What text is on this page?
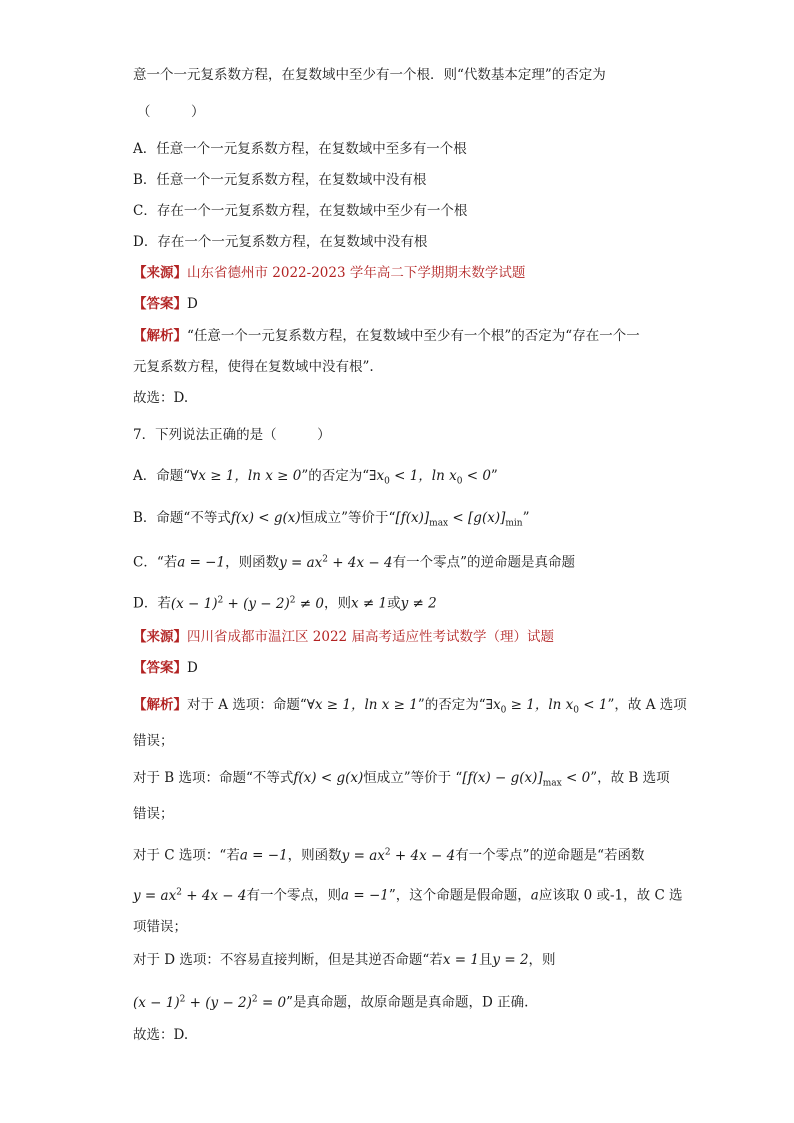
意一个一元复系数方程，在复数域中至少有一个根．则“代数基本定理”的否定为
（　　　）
A．任意一个一元复系数方程，在复数域中至多有一个根
B．任意一个一元复系数方程，在复数域中没有根
C．存在一个一元复系数方程，在复数域中至少有一个根
D．存在一个一元复系数方程，在复数域中没有根
【来源】山东省德州市 2022-2023 学年高二下学期期末数学试题
【答案】D
【解析】“任意一个一元复系数方程，在复数域中至少有一个根”的否定为“存在一个一
元复系数方程，使得在复数域中没有根”.
故选：D.
7．下列说法正确的是（　　　）
A．命题“∀x ≥ 1，ln x ≥ 0”的否定为“$\exists x_0 < 1$，$\ln x_0 < 0$”
B．命题“不等式f(x) < g(x)恒成立”等价于“$[f(x)]_{max} < [g(x)]_{min}$”
C．“若a = −1，则函数$y = ax^2 + 4x - 4$有一个零点”的逆命题是真命题
D．若$(x - 1)^2 + (y - 2)^2 \ne 0$，则x ≠ 1或y ≠ 2
【来源】四川省成都市温江区 2022 届高考适应性考试数学（理）试题
【答案】D
【解析】对于 A 选项：命题“∀x ≥ 1，ln x ≥ 1”的否定为“$\exists x_0 \ge 1$，$\ln x_0 < 1$”，故 A 选项
错误；
对于 B 选项：命题“不等式f(x) < g(x)恒成立”等价于 “$[f(x) - g(x)]_{max} < 0$”，故 B 选项
错误；
对于 C 选项：“若a = −1，则函数$y = ax^2 + 4x - 4$有一个零点”的逆命题是“若函数
$y = ax^2 + 4x - 4$有一个零点，则a = −1”，这个命题是假命题，a应该取 0 或-1，故 C 选
项错误；
对于 D 选项：不容易直接判断，但是其逆否命题“若x = 1且y = 2，则
$(x - 1)^2 + (y - 2)^2 = 0$”是真命题，故原命题是真命题，D 正确.
故选：D.
